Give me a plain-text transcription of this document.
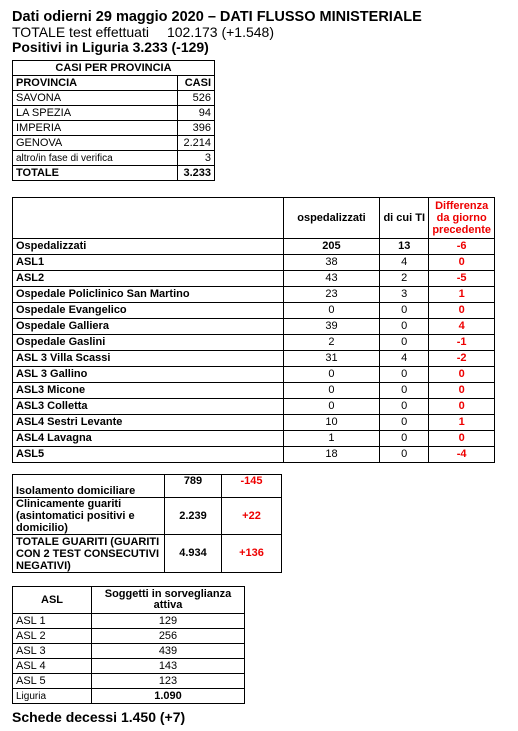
Dati odierni 29 maggio 2020 – DATI FLUSSO MINISTERIALE
TOTALE test effettuati 102.173 (+1.548)
Positivi in Liguria 3.233 (-129)
CASI PER PROVINCIA	
PROVINCIA	CASI
SAVONA	526
LA SPEZIA	94
IMPERIA	396
GENOVA	2.214
altro/in fase di verifica	3
TOTALE	3.233
	ospedalizzati	di cui TI	Differenza da giorno precedente
Ospedalizzati	205	13	-6
ASL1	38	4	0
ASL2	43	2	-5
Ospedale Policlinico San Martino	23	3	1
Ospedale Evangelico	0	0	0
Ospedale Galliera	39	0	4
Ospedale Gaslini	2	0	-1
ASL 3 Villa Scassi	31	4	-2
ASL 3 Gallino	0	0	0
ASL3 Micone	0	0	0
ASL3 Colletta	0	0	0
ASL4 Sestri Levante	10	0	1
ASL4 Lavagna	1	0	0
ASL5	18	0	-4
Isolamento domiciliare	789	-145
Clinicamente guariti (asintomatici positivi e domicilio)	2.239	+22
TOTALE GUARITI (GUARITI CON 2 TEST CONSECUTIVI NEGATIVI)	4.934	+136
ASL	Soggetti in sorveglianza attiva
ASL 1	129
ASL 2	256
ASL 3	439
ASL 4	143
ASL 5	123
Liguria	1.090
Schede decessi 1.450 (+7)
